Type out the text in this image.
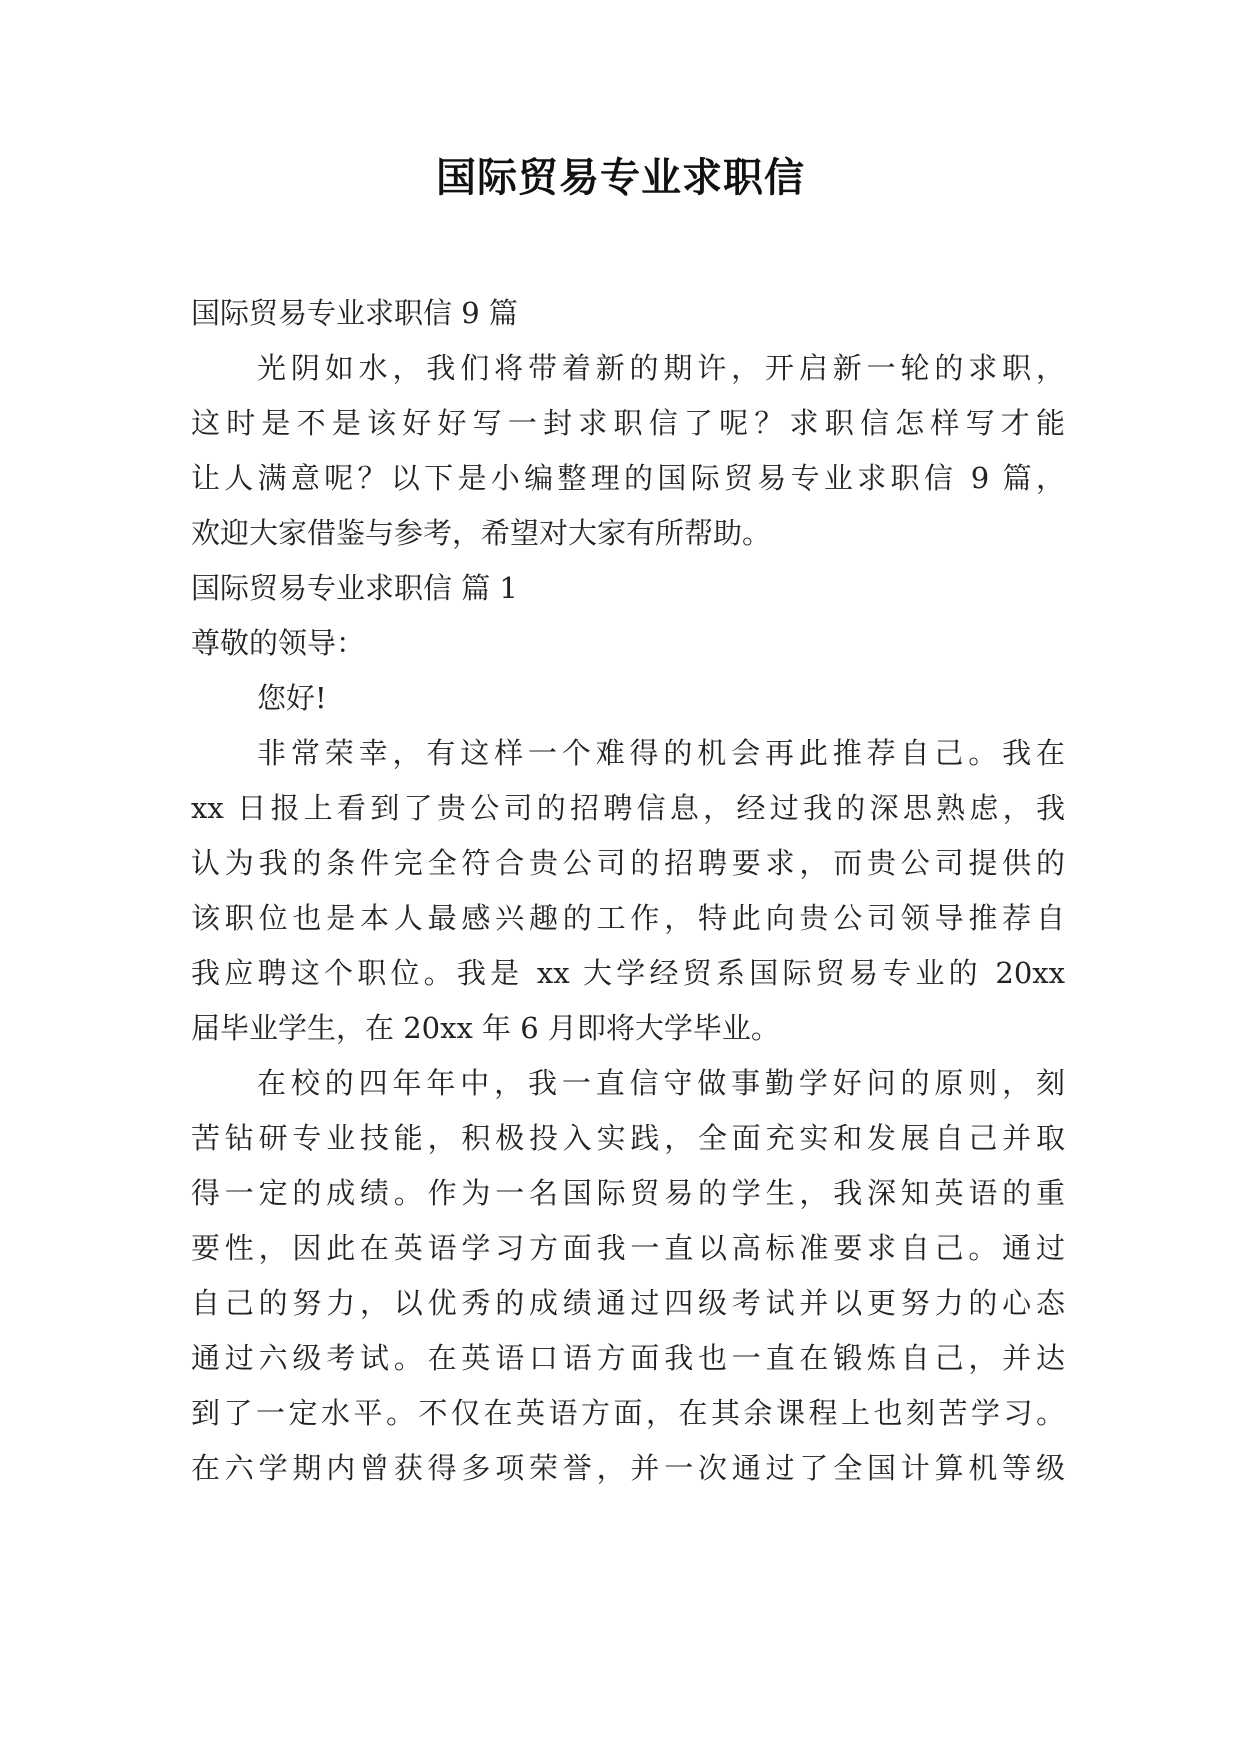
国际贸易专业求职信
国际贸易专业求职信 9 篇
光阴如水，我们将带着新的期许，开启新一轮的求职，
这时是不是该好好写一封求职信了呢？求职信怎样写才能
让人满意呢？以下是小编整理的国际贸易专业求职信 9 篇，
欢迎大家借鉴与参考，希望对大家有所帮助。
国际贸易专业求职信 篇 1
尊敬的领导：
您好!
非常荣幸，有这样一个难得的机会再此推荐自己。我在
xx 日报上看到了贵公司的招聘信息，经过我的深思熟虑，我
认为我的条件完全符合贵公司的招聘要求，而贵公司提供的
该职位也是本人最感兴趣的工作，特此向贵公司领导推荐自
我应聘这个职位。我是 xx 大学经贸系国际贸易专业的 20xx
届毕业学生，在 20xx 年 6 月即将大学毕业。
在校的四年年中，我一直信守做事勤学好问的原则，刻
苦钻研专业技能，积极投入实践，全面充实和发展自己并取
得一定的成绩。作为一名国际贸易的学生，我深知英语的重
要性，因此在英语学习方面我一直以高标准要求自己。通过
自己的努力，以优秀的成绩通过四级考试并以更努力的心态
通过六级考试。在英语口语方面我也一直在锻炼自己，并达
到了一定水平。不仅在英语方面，在其余课程上也刻苦学习。
在六学期内曾获得多项荣誉，并一次通过了全国计算机等级
